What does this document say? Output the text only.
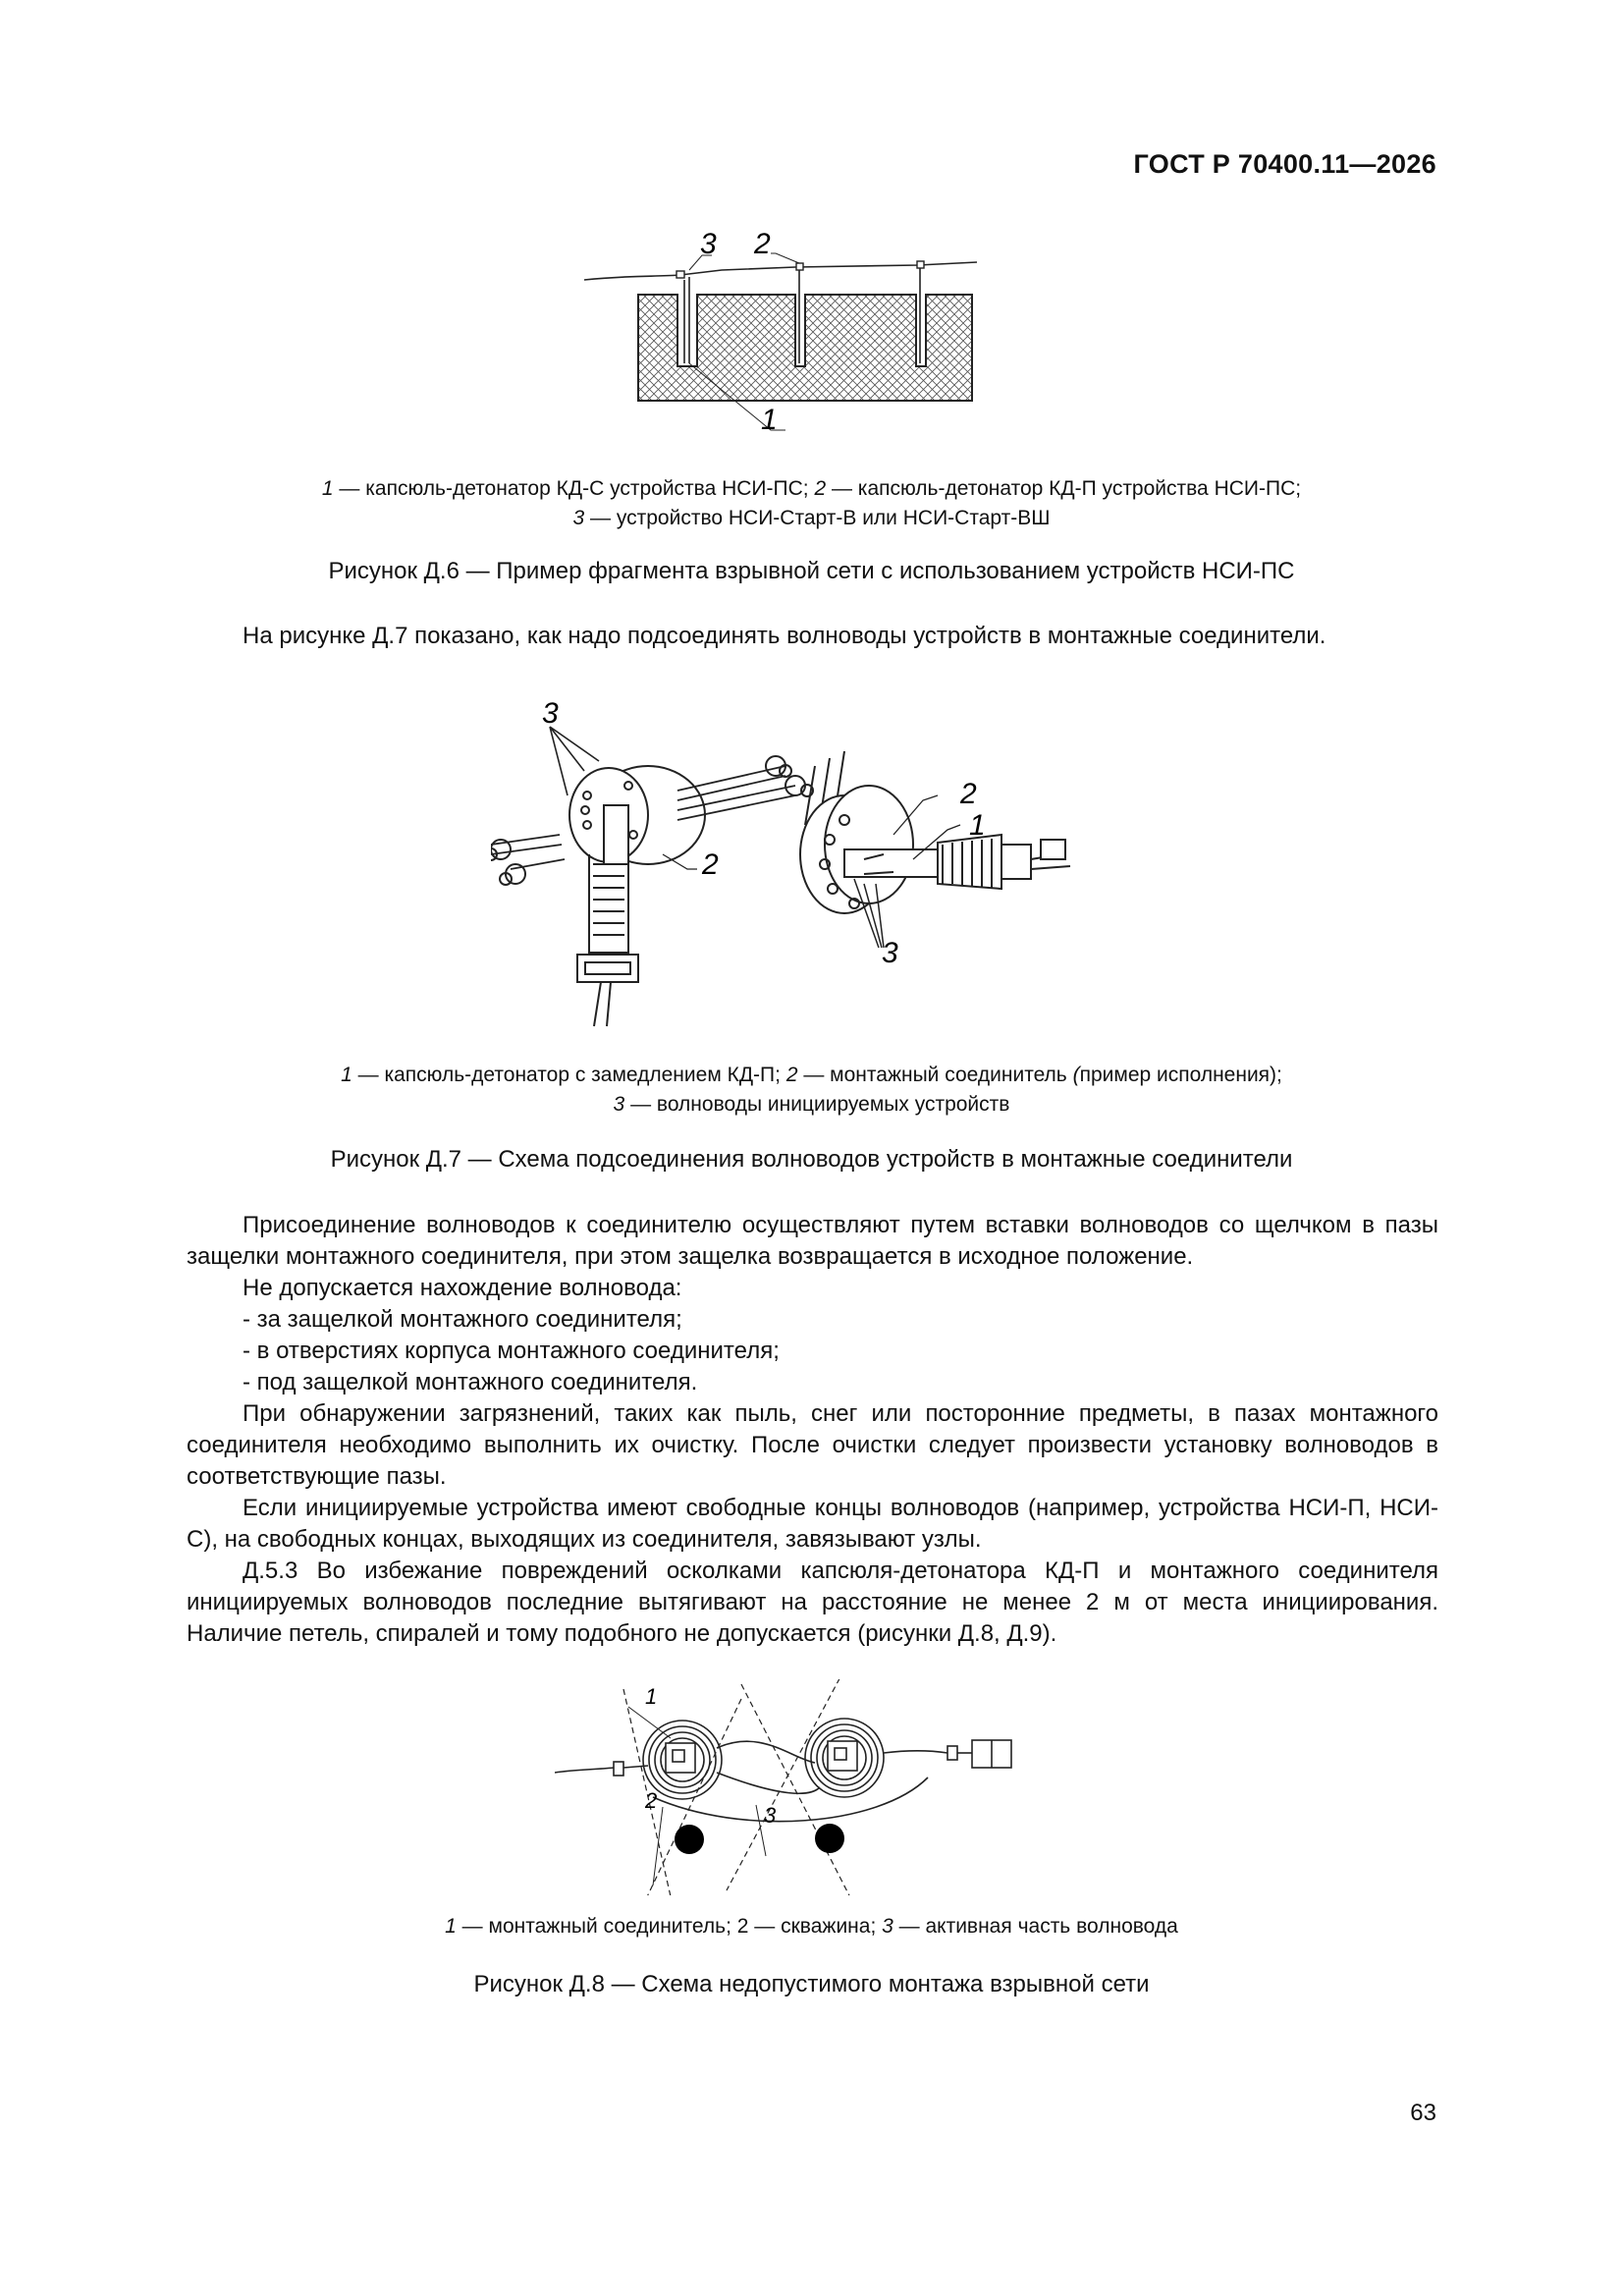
ГОСТ Р 70400.11—2026
3 2
1
1 — капсюль-детонатор КД-С устройства НСИ-ПС; 2 — капсюль-детонатор КД-П устройства НСИ-ПС;
3 — устройство НСИ-Старт-В или НСИ-Старт-ВШ
Рисунок Д.6 — Пример фрагмента взрывной сети с использованием устройств НСИ-ПС

На рисунке Д.7 показано, как надо подсоединять волноводы устройств в монтажные соединители.

3
2
2
1
3
1 — капсюль-детонатор с замедлением КД-П; 2 — монтажный соединитель (пример исполнения);
3 — волноводы инициируемых устройств
Рисунок Д.7 — Схема подсоединения волноводов устройств в монтажные соединители

Присоединение волноводов к соединителю осуществляют путем вставки волноводов со щелчком в пазы защелки монтажного соединителя, при этом защелка возвращается в исходное положение.

Не допускается нахождение волновода:

- за защелкой монтажного соединителя;

- в отверстиях корпуса монтажного соединителя;

- под защелкой монтажного соединителя.

При обнаружении загрязнений, таких как пыль, снег или посторонние предметы, в пазах монтажного соединителя необходимо выполнить их очистку. После очистки следует произвести установку волноводов в соответствующие пазы.

Если инициируемые устройства имеют свободные концы волноводов (например, устройства НСИ-П, НСИ-С), на свободных концах, выходящих из соединителя, завязывают узлы.

Д.5.3 Во избежание повреждений осколками капсюля-детонатора КД-П и монтажного соединителя инициируемых волноводов последние вытягивают на расстояние не менее 2 м от места инициирования. Наличие петель, спиралей и тому подобного не допускается (рисунки Д.8, Д.9).

1
2
3
1 — монтажный соединитель; 2 — скважина; 3 — активная часть волновода
Рисунок Д.8 — Схема недопустимого монтажа взрывной сети
63
